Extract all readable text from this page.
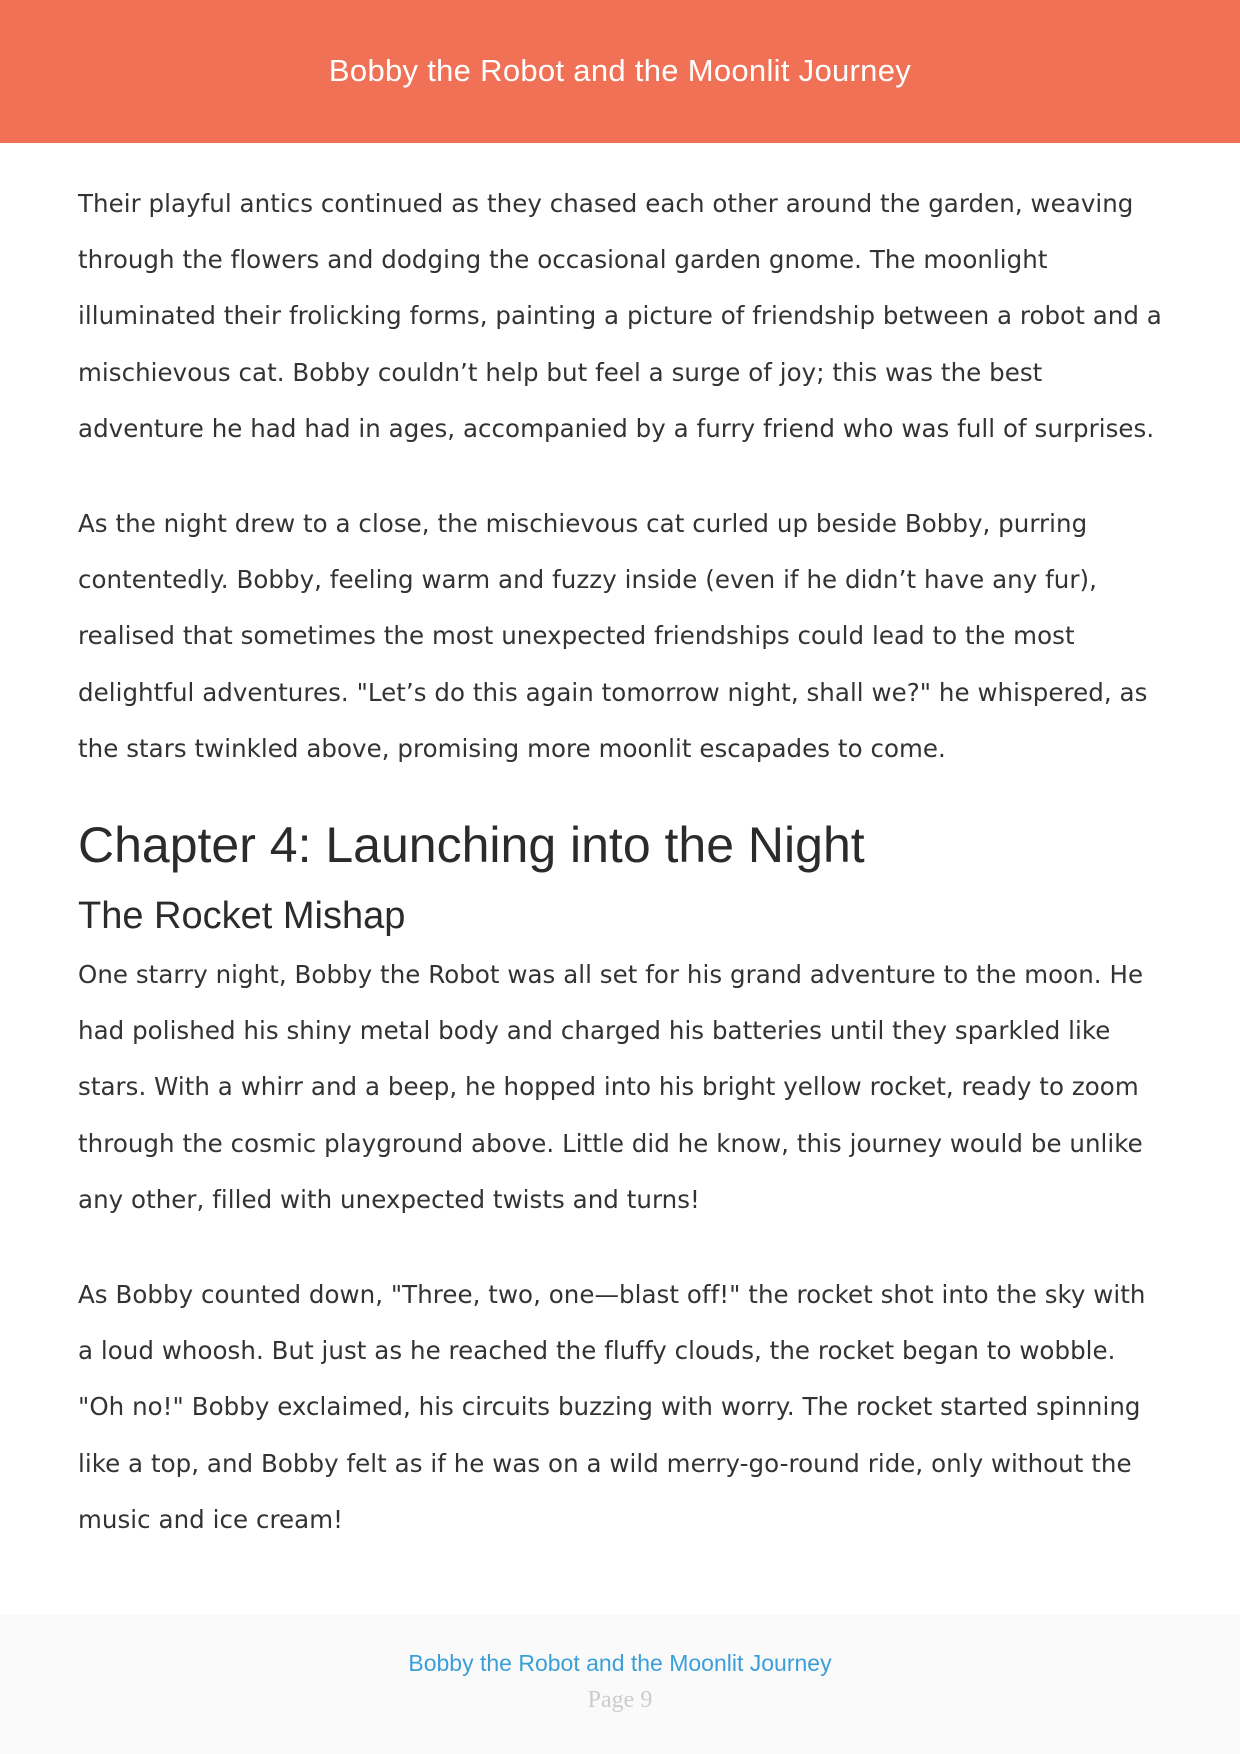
Bobby the Robot and the Moonlit Journey

Their playful antics continued as they chased each other around the garden, weaving through the flowers and dodging the occasional garden gnome. The moonlight illuminated their frolicking forms, painting a picture of friendship between a robot and a mischievous cat. Bobby couldn’t help but feel a surge of joy; this was the best adventure he had had in ages, accompanied by a furry friend who was full of surprises.

As the night drew to a close, the mischievous cat curled up beside Bobby, purring contentedly. Bobby, feeling warm and fuzzy inside (even if he didn’t have any fur), realised that sometimes the most unexpected friendships could lead to the most delightful adventures. "Let’s do this again tomorrow night, shall we?" he whispered, as the stars twinkled above, promising more moonlit escapades to come.

Chapter 4: Launching into the Night
The Rocket Mishap

One starry night, Bobby the Robot was all set for his grand adventure to the moon. He had polished his shiny metal body and charged his batteries until they sparkled like stars. With a whirr and a beep, he hopped into his bright yellow rocket, ready to zoom through the cosmic playground above. Little did he know, this journey would be unlike any other, filled with unexpected twists and turns!

As Bobby counted down, "Three, two, one—blast off!" the rocket shot into the sky with a loud whoosh. But just as he reached the fluffy clouds, the rocket began to wobble. "Oh no!" Bobby exclaimed, his circuits buzzing with worry. The rocket started spinning like a top, and Bobby felt as if he was on a wild merry-go-round ride, only without the music and ice cream!

Bobby the Robot and the Moonlit Journey
Page 9
